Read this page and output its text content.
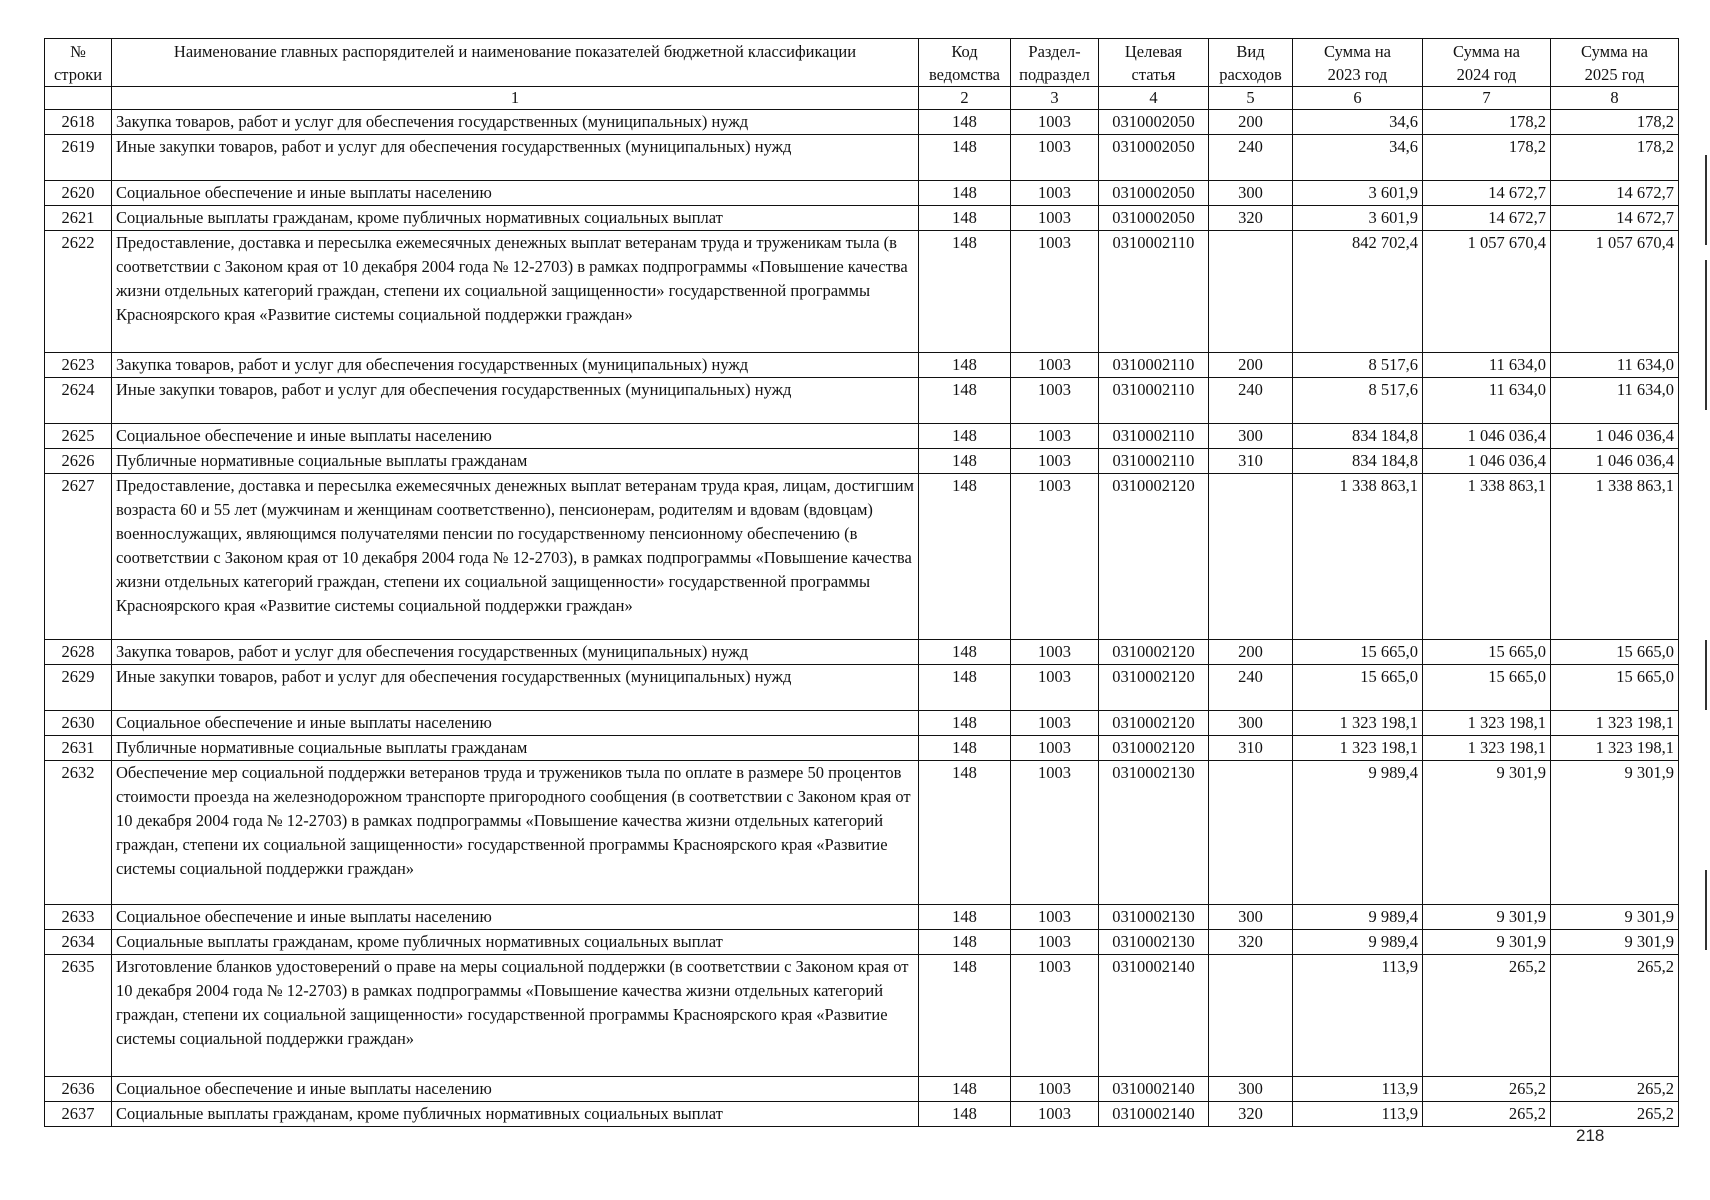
№ строки	Наименование главных распорядителей и наименование показателей бюджетной классификации	Код ведомства	Раздел-подраздел	Целевая статья	Вид расходов	Сумма на 2023 год	Сумма на 2024 год	Сумма на 2025 год
	1	2	3	4	5	6	7	8
2618	Закупка товаров, работ и услуг для обеспечения государственных (муниципальных) нужд	148	1003	0310002050	200	34,6	178,2	178,2
2619	Иные закупки товаров, работ и услуг для обеспечения государственных (муниципальных) нужд	148	1003	0310002050	240	34,6	178,2	178,2
2620	Социальное обеспечение и иные выплаты населению	148	1003	0310002050	300	3 601,9	14 672,7	14 672,7
2621	Социальные выплаты гражданам, кроме публичных нормативных социальных выплат	148	1003	0310002050	320	3 601,9	14 672,7	14 672,7
2622	Предоставление, доставка и пересылка ежемесячных денежных выплат ветеранам труда и труженикам тыла (в соответствии с Законом края от 10 декабря 2004 года № 12-2703) в рамках подпрограммы «Повышение качества жизни отдельных категорий граждан, степени их социальной защищенности» государственной программы Красноярского края «Развитие системы социальной поддержки граждан»	148	1003	0310002110		842 702,4	1 057 670,4	1 057 670,4
2623	Закупка товаров, работ и услуг для обеспечения государственных (муниципальных) нужд	148	1003	0310002110	200	8 517,6	11 634,0	11 634,0
2624	Иные закупки товаров, работ и услуг для обеспечения государственных (муниципальных) нужд	148	1003	0310002110	240	8 517,6	11 634,0	11 634,0
2625	Социальное обеспечение и иные выплаты населению	148	1003	0310002110	300	834 184,8	1 046 036,4	1 046 036,4
2626	Публичные нормативные социальные выплаты гражданам	148	1003	0310002110	310	834 184,8	1 046 036,4	1 046 036,4
2627	Предоставление, доставка и пересылка ежемесячных денежных выплат ветеранам труда края, лицам, достигшим возраста 60 и 55 лет (мужчинам и женщинам соответственно), пенсионерам, родителям и вдовам (вдовцам) военнослужащих, являющимся получателями пенсии по государственному пенсионному обеспечению (в соответствии с Законом края от 10 декабря 2004 года № 12-2703), в рамках подпрограммы «Повышение качества жизни отдельных категорий граждан, степени их социальной защищенности» государственной программы Красноярского края «Развитие системы социальной поддержки граждан»	148	1003	0310002120		1 338 863,1	1 338 863,1	1 338 863,1
2628	Закупка товаров, работ и услуг для обеспечения государственных (муниципальных) нужд	148	1003	0310002120	200	15 665,0	15 665,0	15 665,0
2629	Иные закупки товаров, работ и услуг для обеспечения государственных (муниципальных) нужд	148	1003	0310002120	240	15 665,0	15 665,0	15 665,0
2630	Социальное обеспечение и иные выплаты населению	148	1003	0310002120	300	1 323 198,1	1 323 198,1	1 323 198,1
2631	Публичные нормативные социальные выплаты гражданам	148	1003	0310002120	310	1 323 198,1	1 323 198,1	1 323 198,1
2632	Обеспечение мер социальной поддержки ветеранов труда и тружеников тыла по оплате в размере 50 процентов стоимости проезда на железнодорожном транспорте пригородного сообщения (в соответствии с Законом края от 10 декабря 2004 года № 12-2703) в рамках подпрограммы «Повышение качества жизни отдельных категорий граждан, степени их социальной защищенности» государственной программы Красноярского края «Развитие системы социальной поддержки граждан»	148	1003	0310002130		9 989,4	9 301,9	9 301,9
2633	Социальное обеспечение и иные выплаты населению	148	1003	0310002130	300	9 989,4	9 301,9	9 301,9
2634	Социальные выплаты гражданам, кроме публичных нормативных социальных выплат	148	1003	0310002130	320	9 989,4	9 301,9	9 301,9
2635	Изготовление бланков удостоверений о праве на меры социальной поддержки (в соответствии с Законом края от 10 декабря 2004 года № 12-2703) в рамках подпрограммы «Повышение качества жизни отдельных категорий граждан, степени их социальной защищенности» государственной программы Красноярского края «Развитие системы социальной поддержки граждан»	148	1003	0310002140		113,9	265,2	265,2
2636	Социальное обеспечение и иные выплаты населению	148	1003	0310002140	300	113,9	265,2	265,2
2637	Социальные выплаты гражданам, кроме публичных нормативных социальных выплат	148	1003	0310002140	320	113,9	265,2	265,2
218
